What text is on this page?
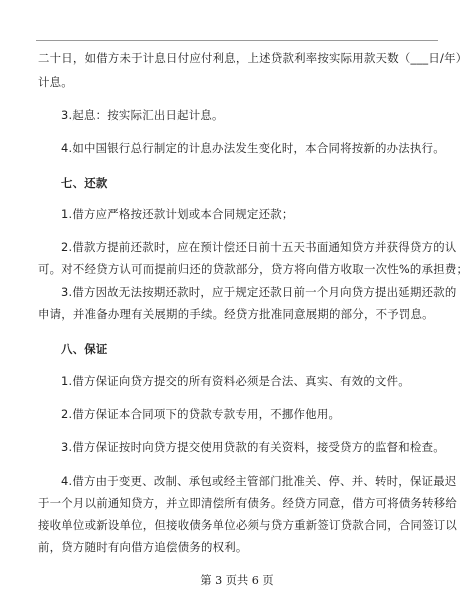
二十日，如借方未于计息日付应付利息，上述贷款利率按实际用款天数（___日/年）
计息。
3.起息：按实际汇出日起计息。
4.如中国银行总行制定的计息办法发生变化时，本合同将按新的办法执行。
七、还款
1.借方应严格按还款计划或本合同规定还款；
2.借款方提前还款时，应在预计偿还日前十五天书面通知贷方并获得贷方的认
可。对不经贷方认可而提前归还的贷款部分，贷方将向借方收取一次性%的承担费；
3.借方因故无法按期还款时，应于规定还款日前一个月向贷方提出延期还款的
申请，并准备办理有关展期的手续。经贷方批准同意展期的部分，不予罚息。
八、保证
1.借方保证向贷方提交的所有资料必须是合法、真实、有效的文件。
2.借方保证本合同项下的贷款专款专用，不挪作他用。
3.借方保证按时向贷方提交使用贷款的有关资料，接受贷方的监督和检查。
4.借方由于变更、改制、承包或经主管部门批准关、停、并、转时，保证最迟
于一个月以前通知贷方，并立即清偿所有债务。经贷方同意，借方可将债务转移给
接收单位或新设单位，但接收债务单位必须与贷方重新签订贷款合同，合同签订以
前，贷方随时有向借方追偿债务的权利。
第 3 页共 6 页
